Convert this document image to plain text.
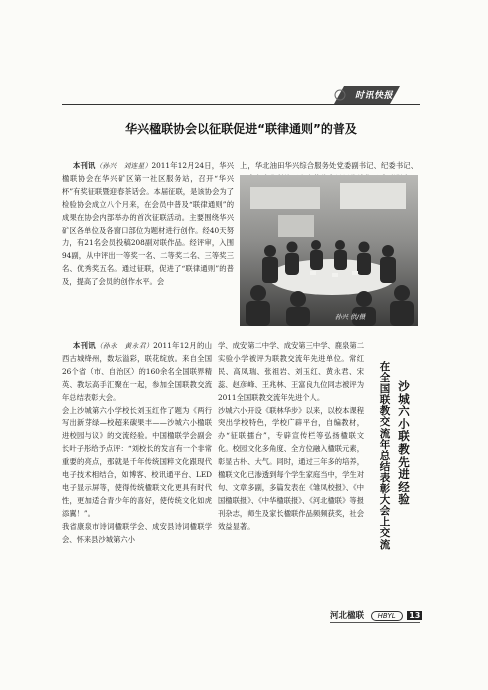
时讯快报
华兴楹联协会以征联促进“联律通则”的普及

本刊讯（孙兴　刘连星）2011年12月24日，华兴楹联协会在华兴矿区第一社区服务站，召开“华兴杯”有奖征联暨迎春茶话会。本届征联，是该协会为了检验协会成立八个月来，在会员中普及“联律通则”的成果在协会内部举办的首次征联活动。主要围绕华兴矿区各单位及各窗口部位为题材进行创作。经40天努力，有21名会员投稿208副对联作品。经评审，入围94副，从中评出一等奖一名、二等奖二名、三等奖三名、优秀奖五名。通过征联，促进了“联律通则”的普及，提高了会员的创作水平。会

上，华北油田华兴综合服务处党委副书记、纪委书记、
孙兴 供/摄

本刊讯（孙永　黄永君）2011年12月的山西古城绛州，数坛溢彩，联花绽放。来自全国26个省（市、自治区）的160余名全国联界精英、教坛高手汇聚在一起，参加全国联教交流年总结表彰大会。
会上沙城第六小学校长刘玉红作了题为《两行写出新芽绿—校超来碳果丰——沙城六小楹联进校园与议》的交流经验。中国楹联学会副会长叶子彤给予点评：“刘校长的发言有一个非常重要的亮点，那就是千年传统国粹文化跟现代电子技术相结合，如博客、校讯通平台、LED电子显示屏等，使得传统楹联文化更具有时代性，更加适合青少年的喜好，使传统文化如虎添翼！”。
我省康泉市诗词楹联学会、成安县诗词楹联学会、怀来县沙城第六小

学、成安第二中学、成安第三中学、鹿泉第二实验小学被评为联教交流年先进单位。常红民、高凤瑞、张祖岩、刘玉红、黄永君、宋蕊、赵彦峰、王兆林、王富良九位同志被评为2011全国联教交流年先进个人。
沙城六小开设《联林华步》以来，以校本课程突出学校特色，学校广辟平台，自编教材，办“征联擂台”，专辟宣传栏等弘扬楹联文化。校园文化多角度、全方位融入楹联元素，彰显古朴、大气。同时，通过三年多的培养，楹联文化已渗透到每个学生家庭当中，学生对句、文章多副，多篇发表在《雏凤校报》、《中国楹联报》、《中华楹联报》、《河北楹联》等报刊杂志，师生及家长楹联作品频频获奖，社会效益显著。
沙城六小联教先进经验
在全国联教交流年总结表彰大会上交流
河北楹联 HBYL 13
